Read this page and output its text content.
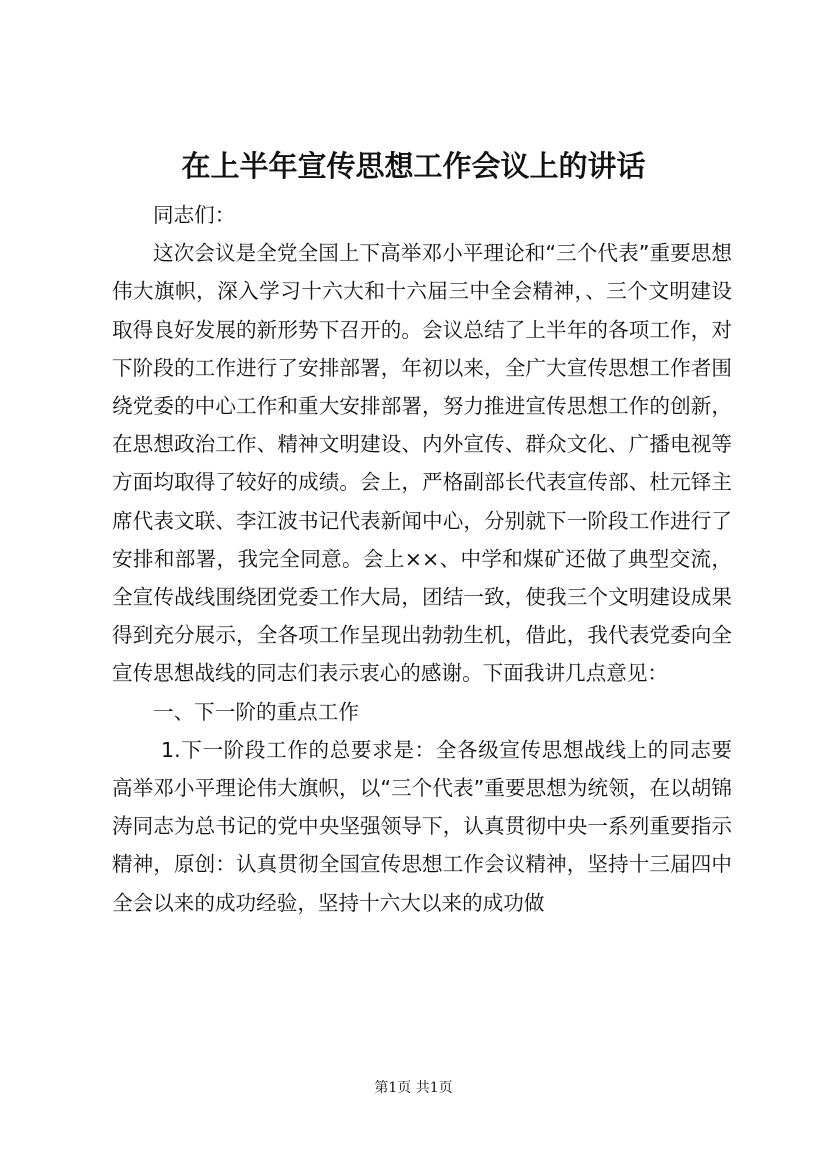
在上半年宣传思想工作会议上的讲话

同志们：

这次会议是全党全国上下高举邓小平理论和“三个代表”重要思想伟大旗帜，深入学习十六大和十六届三中全会精神，、三个文明建设取得良好发展的新形势下召开的。会议总结了上半年的各项工作，对下阶段的工作进行了安排部署，年初以来，全广大宣传思想工作者围绕党委的中心工作和重大安排部署，努力推进宣传思想工作的创新，在思想政治工作、精神文明建设、内外宣传、群众文化、广播电视等方面均取得了较好的成绩。会上，严格副部长代表宣传部、杜元铎主席代表文联、李江波书记代表新闻中心，分别就下一阶段工作进行了安排和部署，我完全同意。会上××、中学和煤矿还做了典型交流，全宣传战线围绕团党委工作大局，团结一致，使我三个文明建设成果得到充分展示，全各项工作呈现出勃勃生机，借此，我代表党委向全宣传思想战线的同志们表示衷心的感谢。下面我讲几点意见：

一、下一阶的重点工作

1.下一阶段工作的总要求是：全各级宣传思想战线上的同志要高举邓小平理论伟大旗帜，以“三个代表”重要思想为统领，在以胡锦涛同志为总书记的党中央坚强领导下，认真贯彻中央一系列重要指示精神，原创：认真贯彻全国宣传思想工作会议精神，坚持十三届四中全会以来的成功经验，坚持十六大以来的成功做

第1页 共1页
